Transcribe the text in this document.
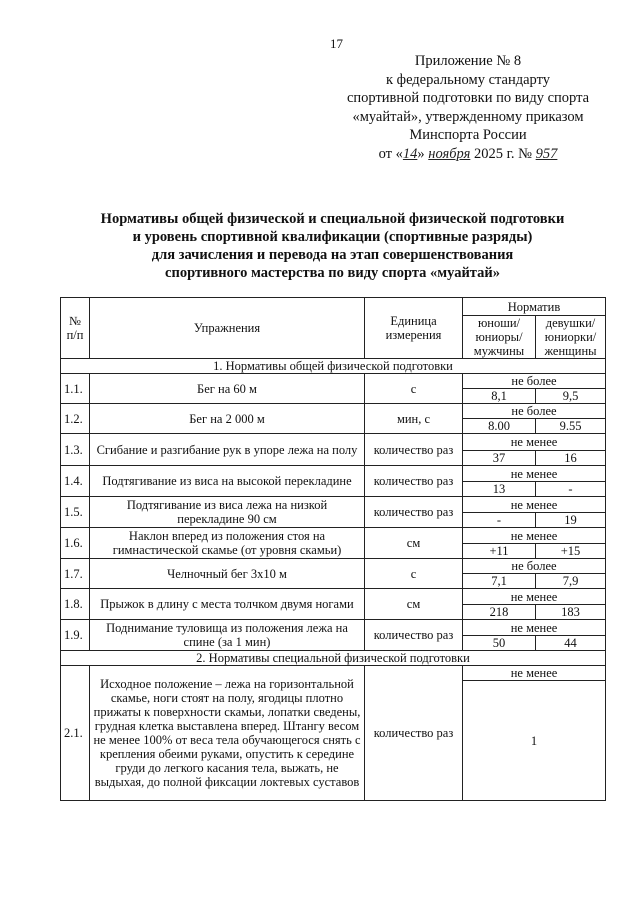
17
Приложение № 8
к федеральному стандарту
спортивной подготовки по виду спорта
«муайтай», утвержденному приказом
Минспорта России
от «14» ноября 2025 г. № 957
Нормативы общей физической и специальной физической подготовки
и уровень спортивной квалификации (спортивные разряды)
для зачисления и перевода на этап совершенствования
спортивного мастерства по виду спорта «муайтай»
№ п/п	Упражнения	Единица измерения	Норматив	
			юноши/ юниоры/ мужчины	девушки/ юниорки/ женщины
1. Нормативы общей физической подготовки				
1.1.	Бег на 60 м	с	не более	
			8,1	9,5
1.2.	Бег на 2 000 м	мин, с	не более	
			8.00	9.55
1.3.	Сгибание и разгибание рук в упоре лежа на полу	количество раз	не менее	
			37	16
1.4.	Подтягивание из виса на высокой перекладине	количество раз	не менее	
			13	-
1.5.	Подтягивание из виса лежа на низкой перекладине 90 см	количество раз	не менее	
			-	19
1.6.	Наклон вперед из положения стоя на гимнастической скамье (от уровня скамьи)	см	не менее	
			+11	+15
1.7.	Челночный бег 3x10 м	с	не более	
			7,1	7,9
1.8.	Прыжок в длину с места толчком двумя ногами	см	не менее	
			218	183
1.9.	Поднимание туловища из положения лежа на спине (за 1 мин)	количество раз	не менее	
			50	44
2. Нормативы специальной физической подготовки				
2.1.	Исходное положение – лежа на горизонтальной скамье, ноги стоят на полу, ягодицы плотно прижаты к поверхности скамьи, лопатки сведены, грудная клетка выставлена вперед. Штангу весом не менее 100% от веса тела обучающегося снять с крепления обеими руками, опустить к середине груди до легкого касания тела, выжать, не выдыхая, до полной фиксации локтевых суставов	количество раз	не менее	
			1	
